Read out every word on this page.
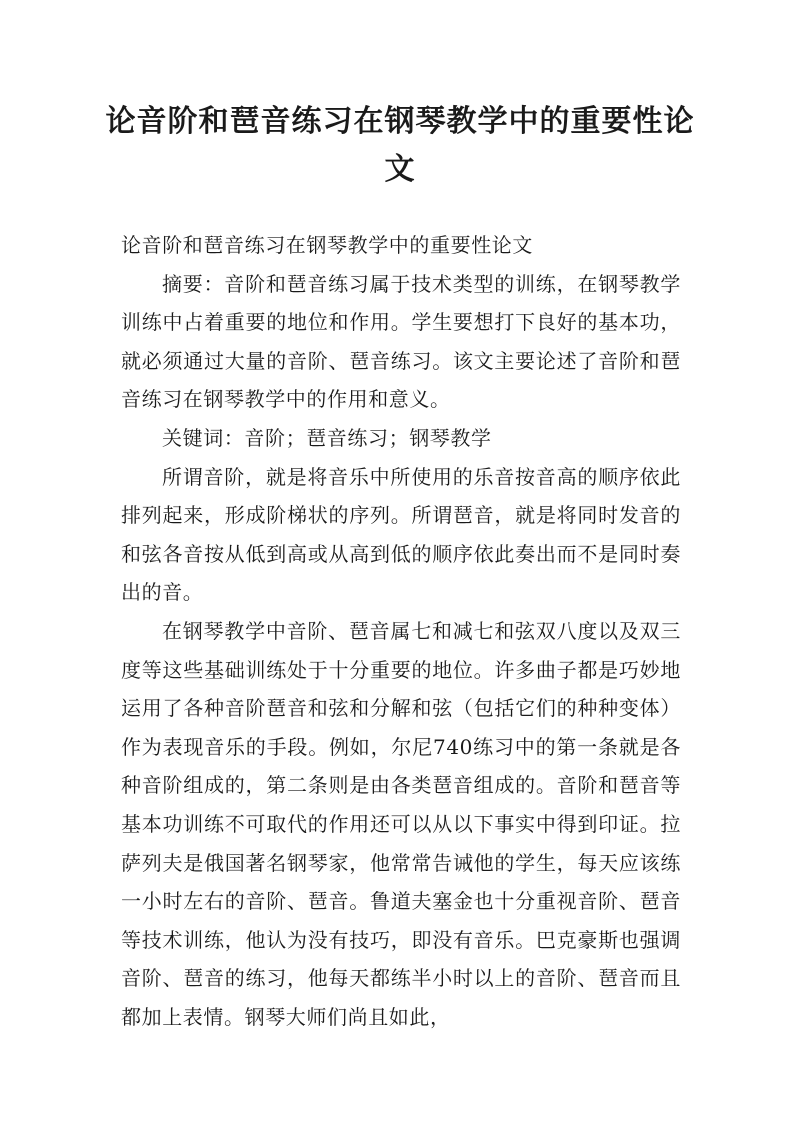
论音阶和琶音练习在钢琴教学中的重要性论文

论音阶和琶音练习在钢琴教学中的重要性论文

摘要：音阶和琶音练习属于技术类型的训练，在钢琴教学训练中占着重要的地位和作用。学生要想打下良好的基本功，就必须通过大量的音阶、琶音练习。该文主要论述了音阶和琶音练习在钢琴教学中的作用和意义。

关键词：音阶；琶音练习；钢琴教学

所谓音阶，就是将音乐中所使用的乐音按音高的顺序依此排列起来，形成阶梯状的序列。所谓琶音，就是将同时发音的和弦各音按从低到高或从高到低的顺序依此奏出而不是同时奏出的音。

在钢琴教学中音阶、琶音属七和减七和弦双八度以及双三度等这些基础训练处于十分重要的地位。许多曲子都是巧妙地运用了各种音阶琶音和弦和分解和弦（包括它们的种种变体）作为表现音乐的手段。例如，尔尼740练习中的第一条就是各种音阶组成的，第二条则是由各类琶音组成的。音阶和琶音等基本功训练不可取代的作用还可以从以下事实中得到印证。拉萨列夫是俄国著名钢琴家，他常常告诫他的学生，每天应该练一小时左右的音阶、琶音。鲁道夫塞金也十分重视音阶、琶音等技术训练，他认为没有技巧，即没有音乐。巴克豪斯也强调音阶、琶音的练习，他每天都练半小时以上的音阶、琶音而且都加上表情。钢琴大师们尚且如此，
